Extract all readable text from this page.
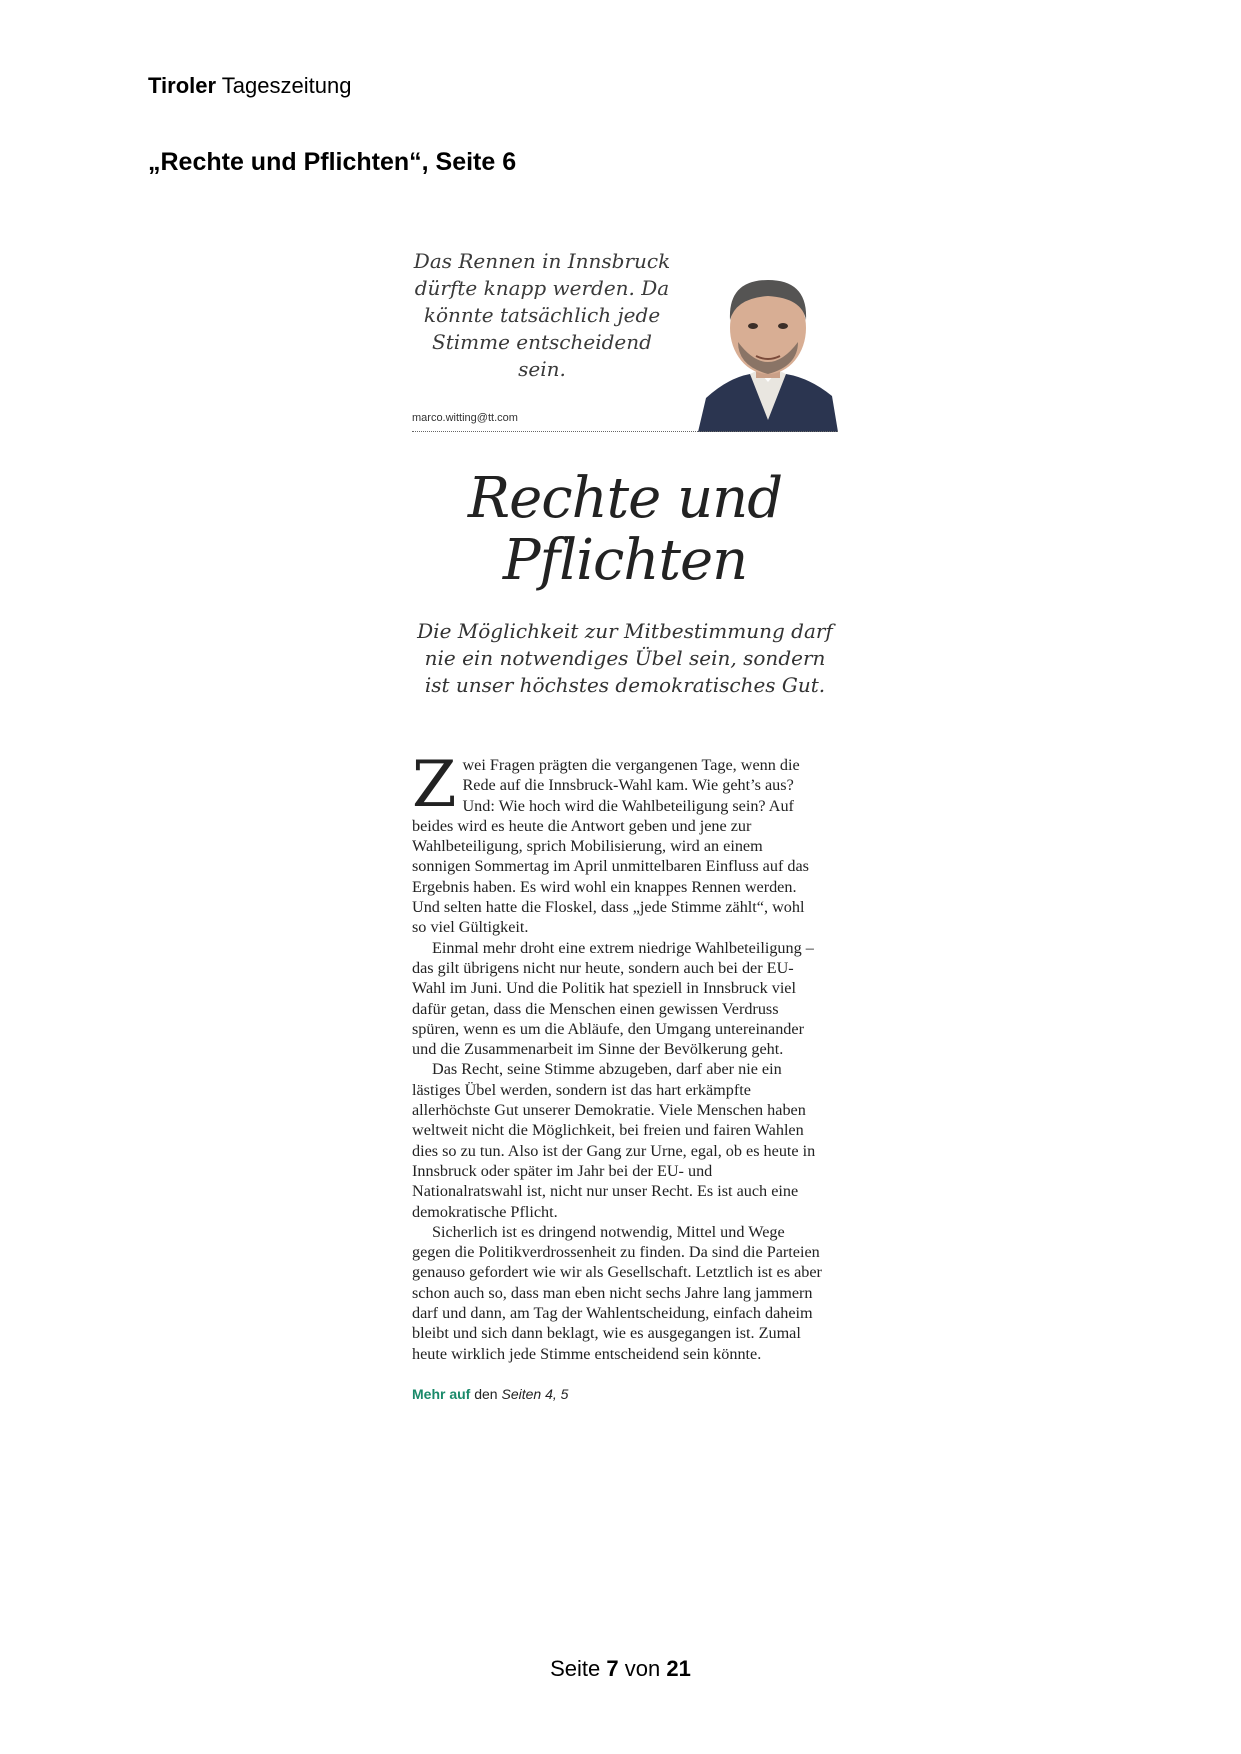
Tiroler Tageszeitung
„Rechte und Pflichten“, Seite 6
Das Rennen in Innsbruck dürfte knapp werden. Da könnte tatsächlich jede Stimme entscheidend sein.
marco.witting@tt.com
Rechte und
Pflichten
Die Möglichkeit zur Mitbestimmung darf nie ein notwendiges Übel sein, sondern ist unser höchstes demokratisches Gut.

Zwei Fragen prägten die vergangenen Tage, wenn die Rede auf die Innsbruck-Wahl kam. Wie geht’s aus? Und: Wie hoch wird die Wahlbeteiligung sein? Auf beides wird es heute die Antwort geben und jene zur Wahlbeteiligung, sprich Mobilisierung, wird an einem sonnigen Sommertag im April unmittelbaren Einfluss auf das Ergebnis haben. Es wird wohl ein knappes Rennen werden. Und selten hatte die Floskel, dass „jede Stimme zählt“, wohl so viel Gültigkeit.

Einmal mehr droht eine extrem niedrige Wahlbeteiligung – das gilt übrigens nicht nur heute, sondern auch bei der EU-Wahl im Juni. Und die Politik hat speziell in Innsbruck viel dafür getan, dass die Menschen einen gewissen Verdruss spüren, wenn es um die Abläufe, den Umgang untereinander und die Zusammenarbeit im Sinne der Bevölkerung geht.

Das Recht, seine Stimme abzugeben, darf aber nie ein lästiges Übel werden, sondern ist das hart erkämpfte allerhöchste Gut unserer Demokratie. Viele Menschen haben weltweit nicht die Möglichkeit, bei freien und fairen Wahlen dies so zu tun. Also ist der Gang zur Urne, egal, ob es heute in Innsbruck oder später im Jahr bei der EU- und Nationalratswahl ist, nicht nur unser Recht. Es ist auch eine demokratische Pflicht.

Sicherlich ist es dringend notwendig, Mittel und Wege gegen die Politikverdrossenheit zu finden. Da sind die Parteien genauso gefordert wie wir als Gesellschaft. Letztlich ist es aber schon auch so, dass man eben nicht sechs Jahre lang jammern darf und dann, am Tag der Wahlentscheidung, einfach daheim bleibt und sich dann beklagt, wie es ausgegangen ist. Zumal heute wirklich jede Stimme entscheidend sein könnte.

Mehr auf den Seiten 4, 5
Seite 7 von 21
